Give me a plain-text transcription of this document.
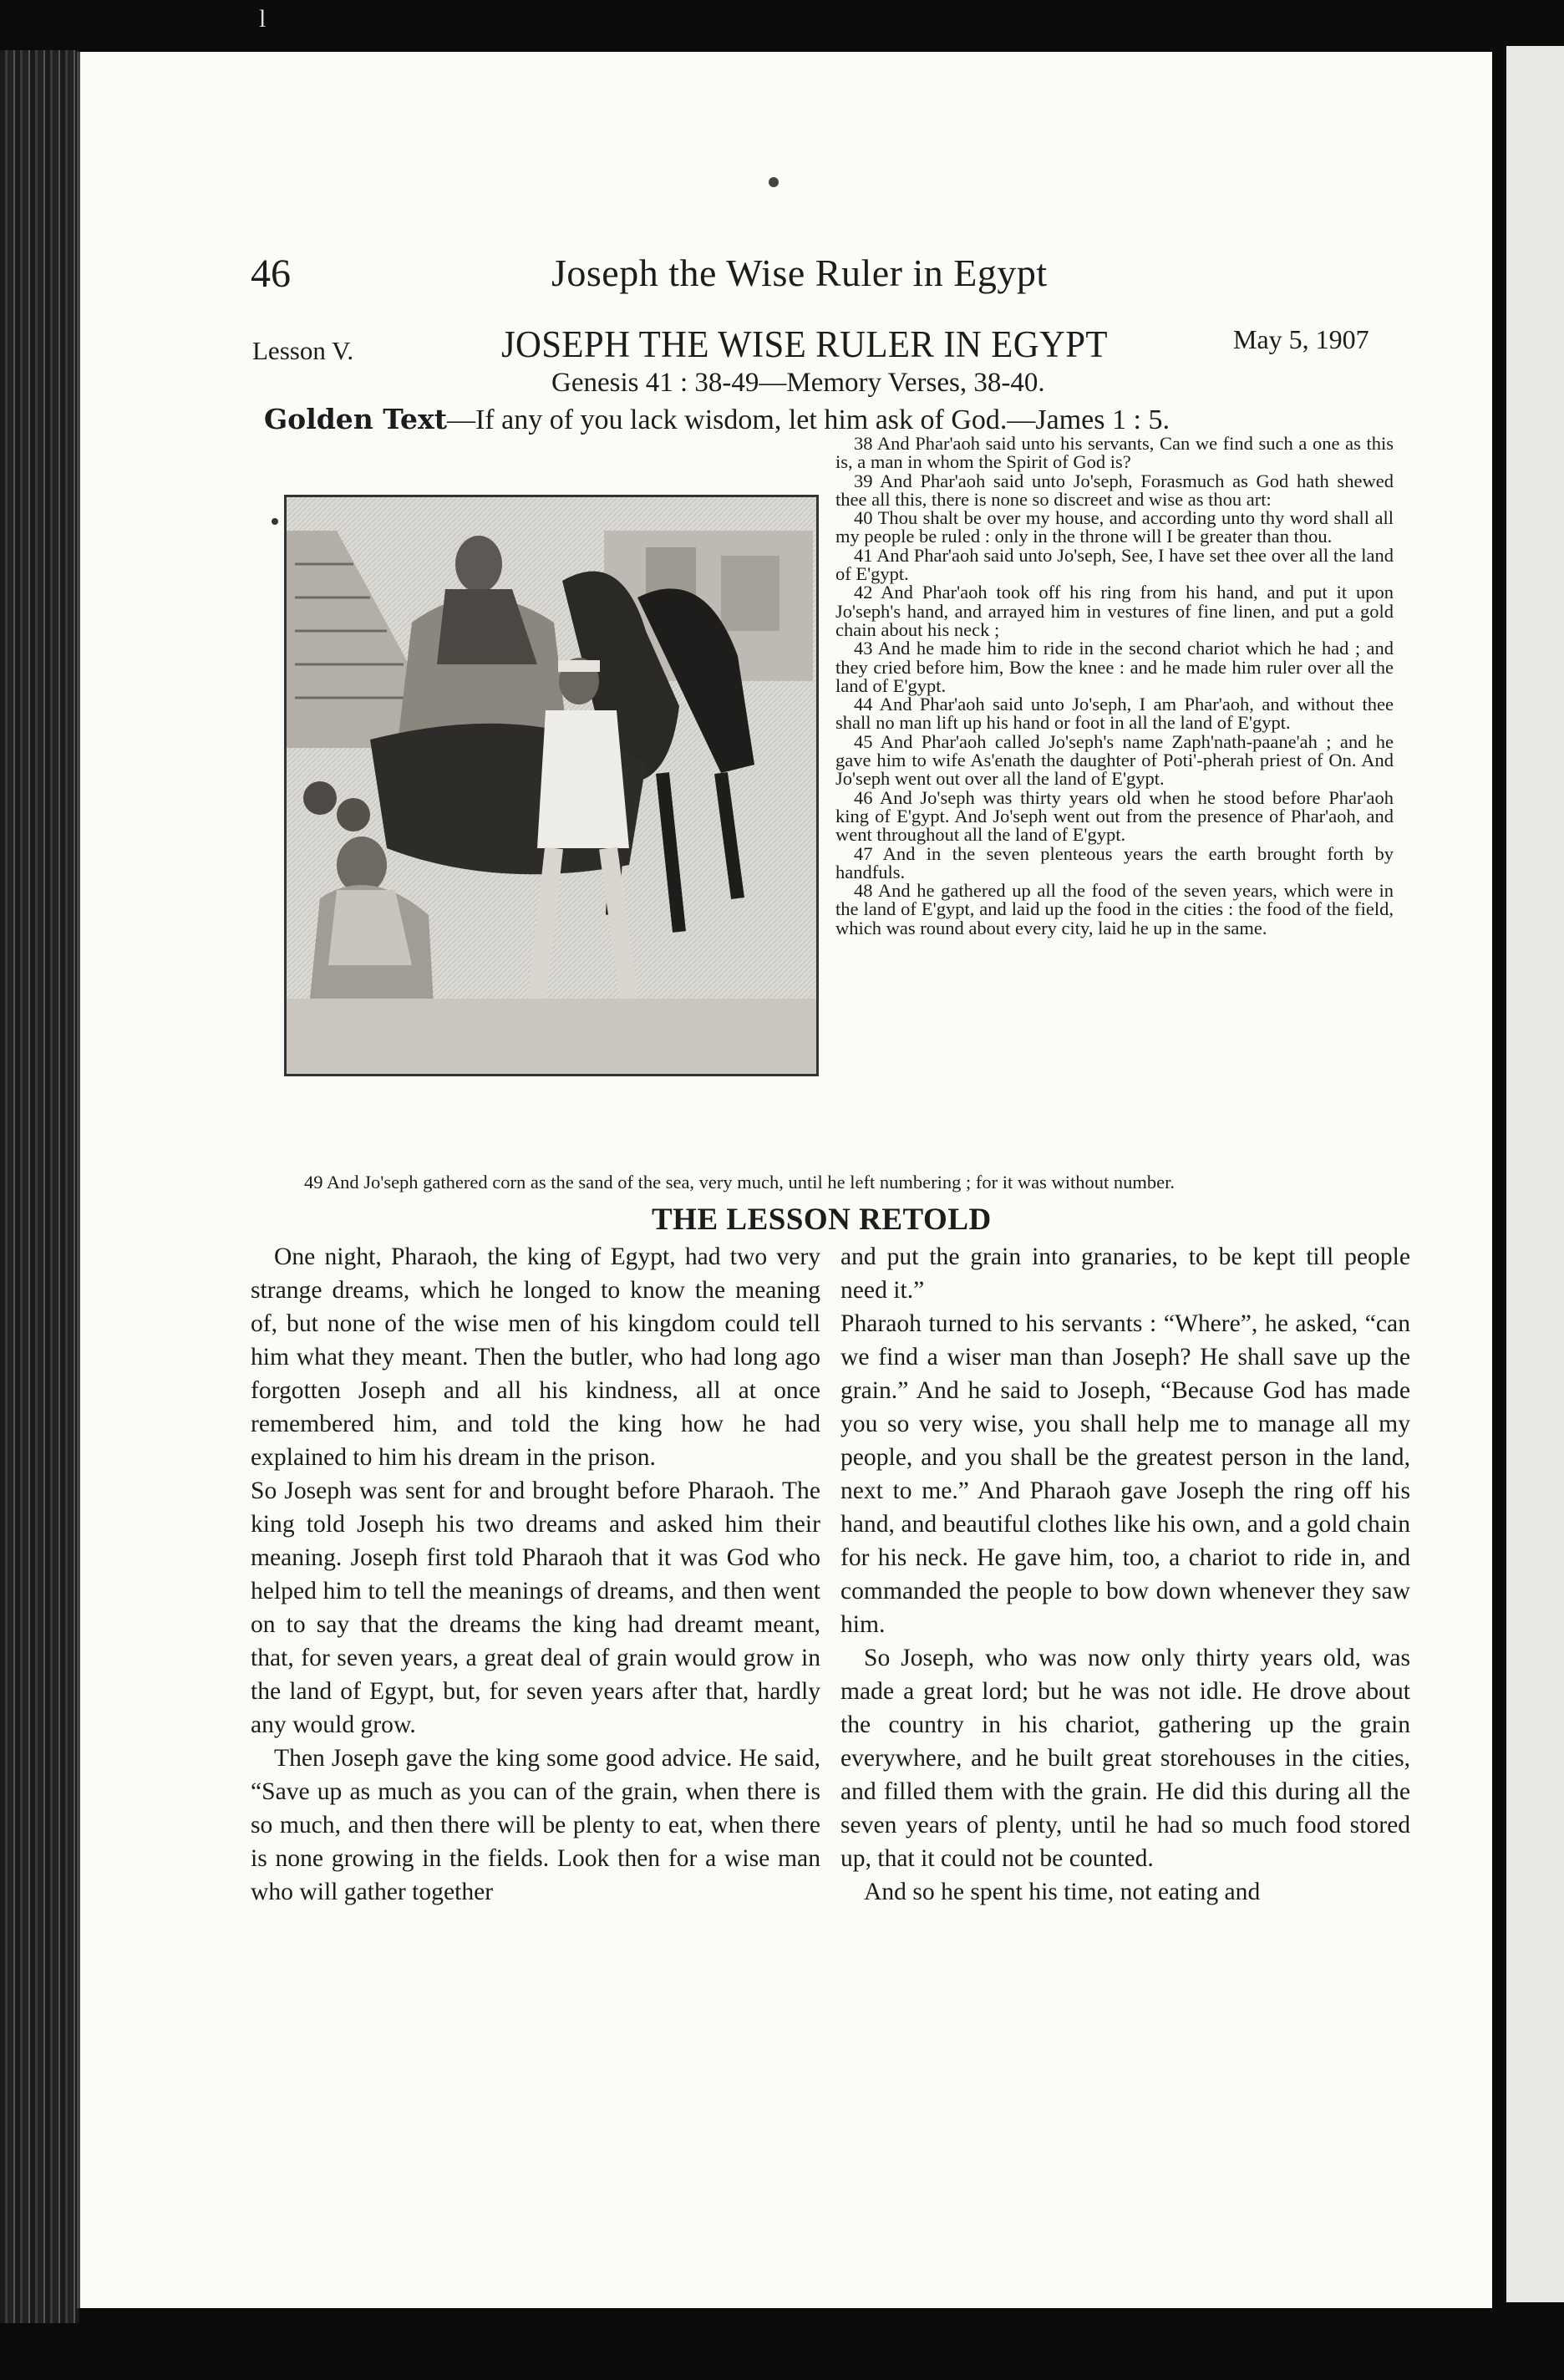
l
46	Joseph the Wise Ruler in Egypt
Lesson V.	JOSEPH THE WISE RULER IN EGYPT	May 5, 1907
Genesis 41 : 38-49—Memory Verses, 38-40.
Golden Text—If any of you lack wisdom, let him ask of God.—James 1 : 5.

38 And Phar'aoh said unto his servants, Can we find such a one as this is, a man in whom the Spirit of God is?

39 And Phar'aoh said unto Jo'seph, Forasmuch as God hath shewed thee all this, there is none so discreet and wise as thou art:

40 Thou shalt be over my house, and according unto thy word shall all my people be ruled : only in the throne will I be greater than thou.

41 And Phar'aoh said unto Jo'seph, See, I have set thee over all the land of E'gypt.

42 And Phar'aoh took off his ring from his hand, and put it upon Jo'seph's hand, and arrayed him in vestures of fine linen, and put a gold chain about his neck ;

43 And he made him to ride in the second chariot which he had ; and they cried before him, Bow the knee : and he made him ruler over all the land of E'gypt.

44 And Phar'aoh said unto Jo'seph, I am Phar'aoh, and without thee shall no man lift up his hand or foot in all the land of E'gypt.

45 And Phar'aoh called Jo'seph's name Zaph'nath-paane'ah ; and he gave him to wife As'enath the daughter of Poti'-pherah priest of On. And Jo'seph went out over all the land of E'gypt.

46 And Jo'seph was thirty years old when he stood before Phar'aoh king of E'gypt. And Jo'seph went out from the presence of Phar'aoh, and went throughout all the land of E'gypt.

47 And in the seven plenteous years the earth brought forth by handfuls.

48 And he gathered up all the food of the seven years, which were in the land of E'gypt, and laid up the food in the cities : the food of the field, which was round about every city, laid he up in the same.

49 And Jo'seph gathered corn as the sand of the sea, very much, until he left numbering ; for it was without number.

THE LESSON RETOLD

One night, Pharaoh, the king of Egypt, had two very strange dreams, which he longed to know the meaning of, but none of the wise men of his kingdom could tell him what they meant. Then the butler, who had long ago forgotten Joseph and all his kindness, all at once remembered him, and told the king how he had explained to him his dream in the prison.

So Joseph was sent for and brought before Pharaoh. The king told Joseph his two dreams and asked him their meaning. Joseph first told Pharaoh that it was God who helped him to tell the meanings of dreams, and then went on to say that the dreams the king had dreamt meant, that, for seven years, a great deal of grain would grow in the land of Egypt, but, for seven years after that, hardly any would grow.

Then Joseph gave the king some good advice. He said, “Save up as much as you can of the grain, when there is so much, and then there will be plenty to eat, when there is none growing in the fields. Look then for a wise man who will gather together

and put the grain into granaries, to be kept till people need it.”

Pharaoh turned to his servants : “Where”, he asked, “can we find a wiser man than Joseph? He shall save up the grain.” And he said to Joseph, “Because God has made you so very wise, you shall help me to manage all my people, and you shall be the greatest person in the land, next to me.” And Pharaoh gave Joseph the ring off his hand, and beautiful clothes like his own, and a gold chain for his neck. He gave him, too, a chariot to ride in, and commanded the people to bow down whenever they saw him.

So Joseph, who was now only thirty years old, was made a great lord; but he was not idle. He drove about the country in his chariot, gathering up the grain everywhere, and he built great storehouses in the cities, and filled them with the grain. He did this during all the seven years of plenty, until he had so much food stored up, that it could not be counted.

And so he spent his time, not eating and
